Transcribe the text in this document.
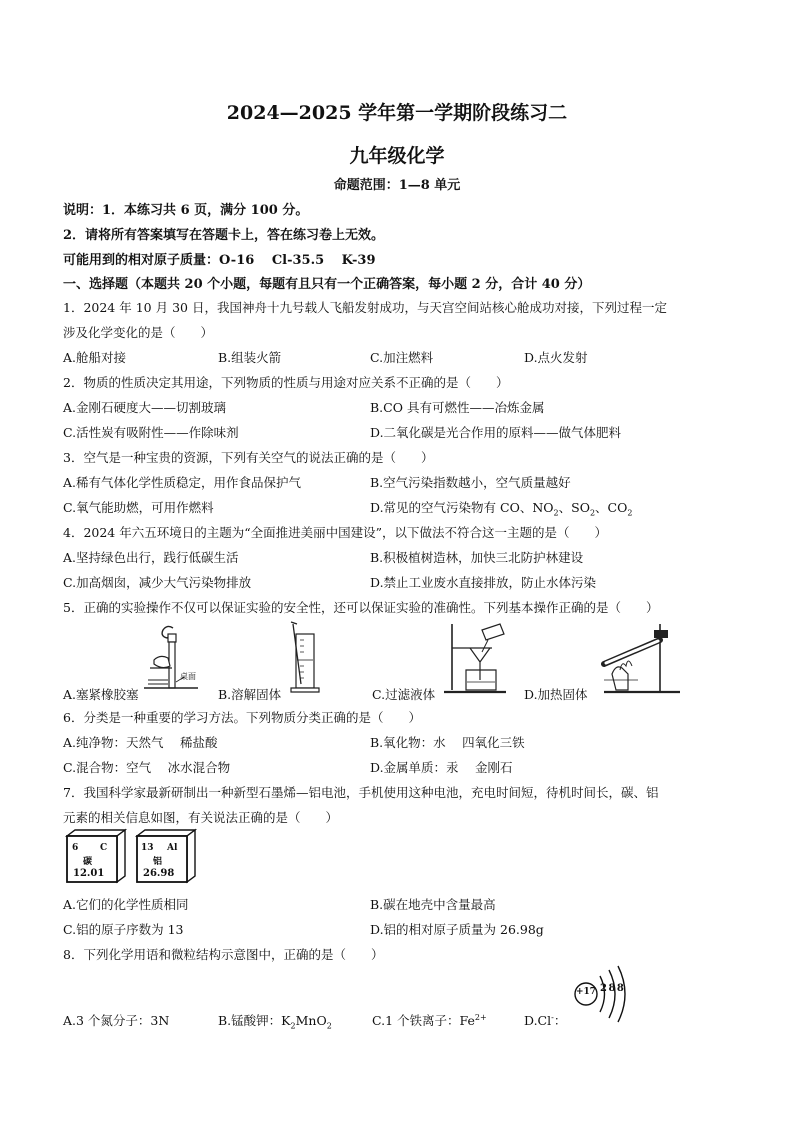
2024—2025 学年第一学期阶段练习二
九年级化学
命题范围：1—8 单元
说明：1．本练习共 6 页，满分 100 分。
2．请将所有答案填写在答题卡上，答在练习卷上无效。
可能用到的相对原子质量：O-16　 Cl-35.5　 K-39
一、选择题（本题共 20 个小题，每题有且只有一个正确答案，每小题 2 分，合计 40 分）
1．2024 年 10 月 30 日，我国神舟十九号载人飞船发射成功，与天宫空间站核心舱成功对接，下列过程一定
涉及化学变化的是（　　）
A.舱船对接	B.组装火箭	C.加注燃料	D.点火发射
2．物质的性质决定其用途，下列物质的性质与用途对应关系不正确的是（　　）
A.金刚石硬度大——切割玻璃	B.CO 具有可燃性——冶炼金属
C.活性炭有吸附性——作除味剂	D.二氧化碳是光合作用的原料——做气体肥料
3．空气是一种宝贵的资源，下列有关空气的说法正确的是（　　）
A.稀有气体化学性质稳定，用作食品保护气	B.空气污染指数越小，空气质量越好
C.氧气能助燃，可用作燃料	D.常见的空气污染物有 CO、$NO_2$、$SO_2$、$CO_2$
4．2024 年六五环境日的主题为“全面推进美丽中国建设”，以下做法不符合这一主题的是（　　）
A.坚持绿色出行，践行低碳生活	B.积极植树造林，加快三北防护林建设
C.加高烟囱，减少大气污染物排放	D.禁止工业废水直接排放，防止水体污染
5．正确的实验操作不仅可以保证实验的安全性，还可以保证实验的准确性。下列基本操作正确的是（　　）
桌面
A.塞紧橡胶塞	B.溶解固体	C.过滤液体	D.加热固体
6．分类是一种重要的学习方法。下列物质分类正确的是（　　）
A.纯净物：天然气　 稀盐酸	B.氧化物：水　 四氧化三铁
C.混合物：空气　 冰水混合物	D.金属单质：汞　 金刚石
7．我国科学家最新研制出一种新型石墨烯—铝电池，手机使用这种电池，充电时间短，待机时间长，碳、铝
元素的相关信息如图，有关说法正确的是（　　）
6 C
碳
12.01
13 Al
铝
26.98
A.它们的化学性质相同	B.碳在地壳中含量最高
C.铝的原子序数为 13	D.铝的相对原子质量为 26.98g
8．下列化学用语和微粒结构示意图中，正确的是（　　）
+17 2 8 8
A.3 个氮分子：3N	B.锰酸钾：$K_2MnO_2$	C.1 个铁离子：$Fe^{2+}$	D.Cl-：
